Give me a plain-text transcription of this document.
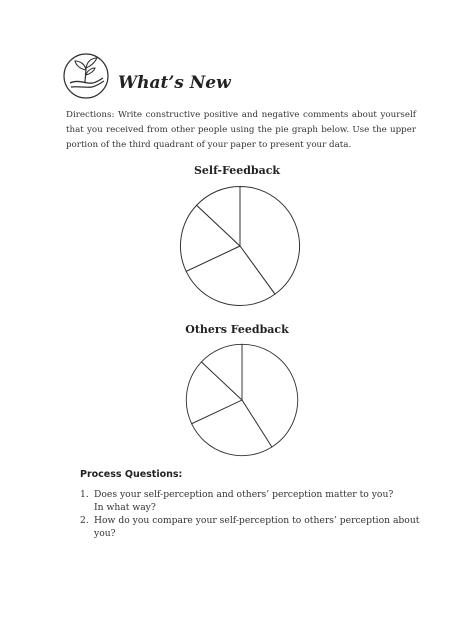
What’s New

Directions: Write constructive positive and negative comments about yourself that you received from other people using the pie graph below. Use the upper portion of the third quadrant of your paper to present your data.

Self-Feedback
Others Feedback
Process Questions:
1. Does your self-perception and others’ perception matter to you?
In what way?
2. How do you compare your self-perception to others’ perception about you?
